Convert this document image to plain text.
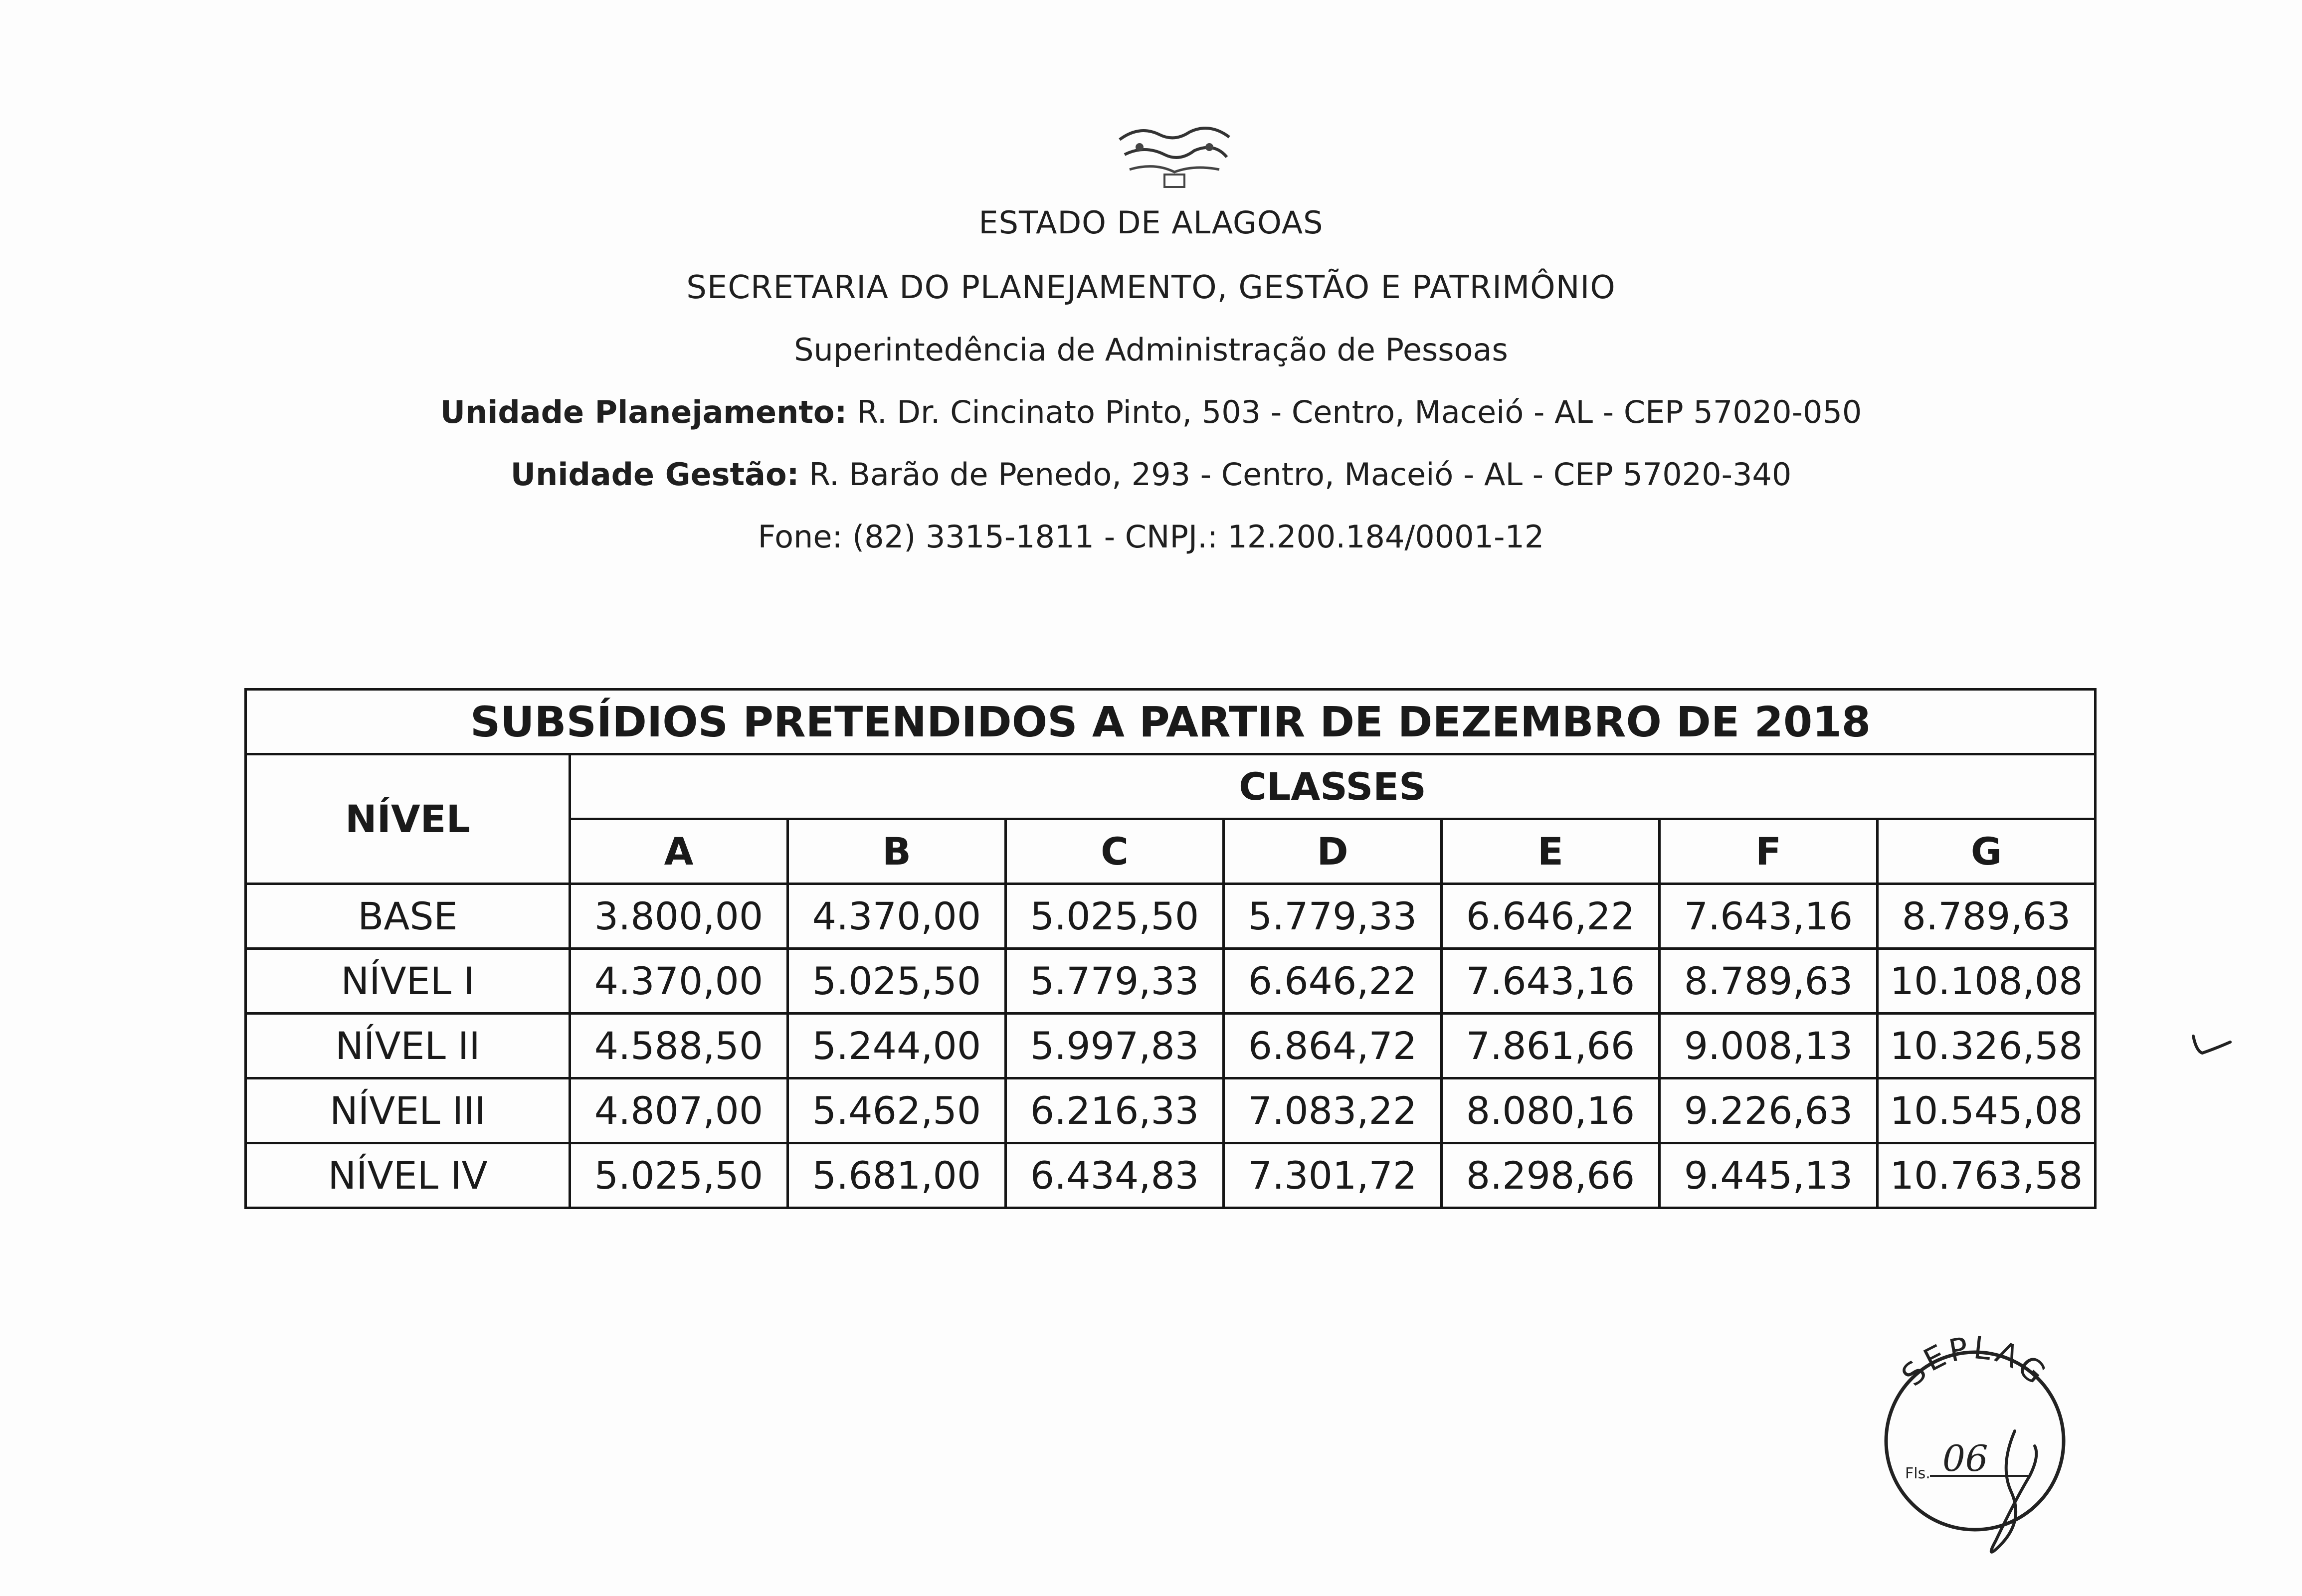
ESTADO DE ALAGOAS
SECRETARIA DO PLANEJAMENTO, GESTÃO E PATRIMÔNIO
Superintedência de Administração de Pessoas
Unidade Planejamento: R. Dr. Cincinato Pinto, 503 - Centro, Maceió - AL - CEP 57020-050
Unidade Gestão: R. Barão de Penedo, 293 - Centro, Maceió - AL - CEP 57020-340
Fone: (82) 3315-1811 - CNPJ.: 12.200.184/0001-12
SUBSÍDIOS PRETENDIDOS A PARTIR DE DEZEMBRO DE 2018							
NÍVEL	CLASSES						
	A	B	C	D	E	F	G
BASE	3.800,00	4.370,00	5.025,50	5.779,33	6.646,22	7.643,16	8.789,63
NÍVEL I	4.370,00	5.025,50	5.779,33	6.646,22	7.643,16	8.789,63	10.108,08
NÍVEL II	4.588,50	5.244,00	5.997,83	6.864,72	7.861,66	9.008,13	10.326,58
NÍVEL III	4.807,00	5.462,50	6.216,33	7.083,22	8.080,16	9.226,63	10.545,08
NÍVEL IV	5.025,50	5.681,00	6.434,83	7.301,72	8.298,66	9.445,13	10.763,58
SEPLAG
Fls. 06
